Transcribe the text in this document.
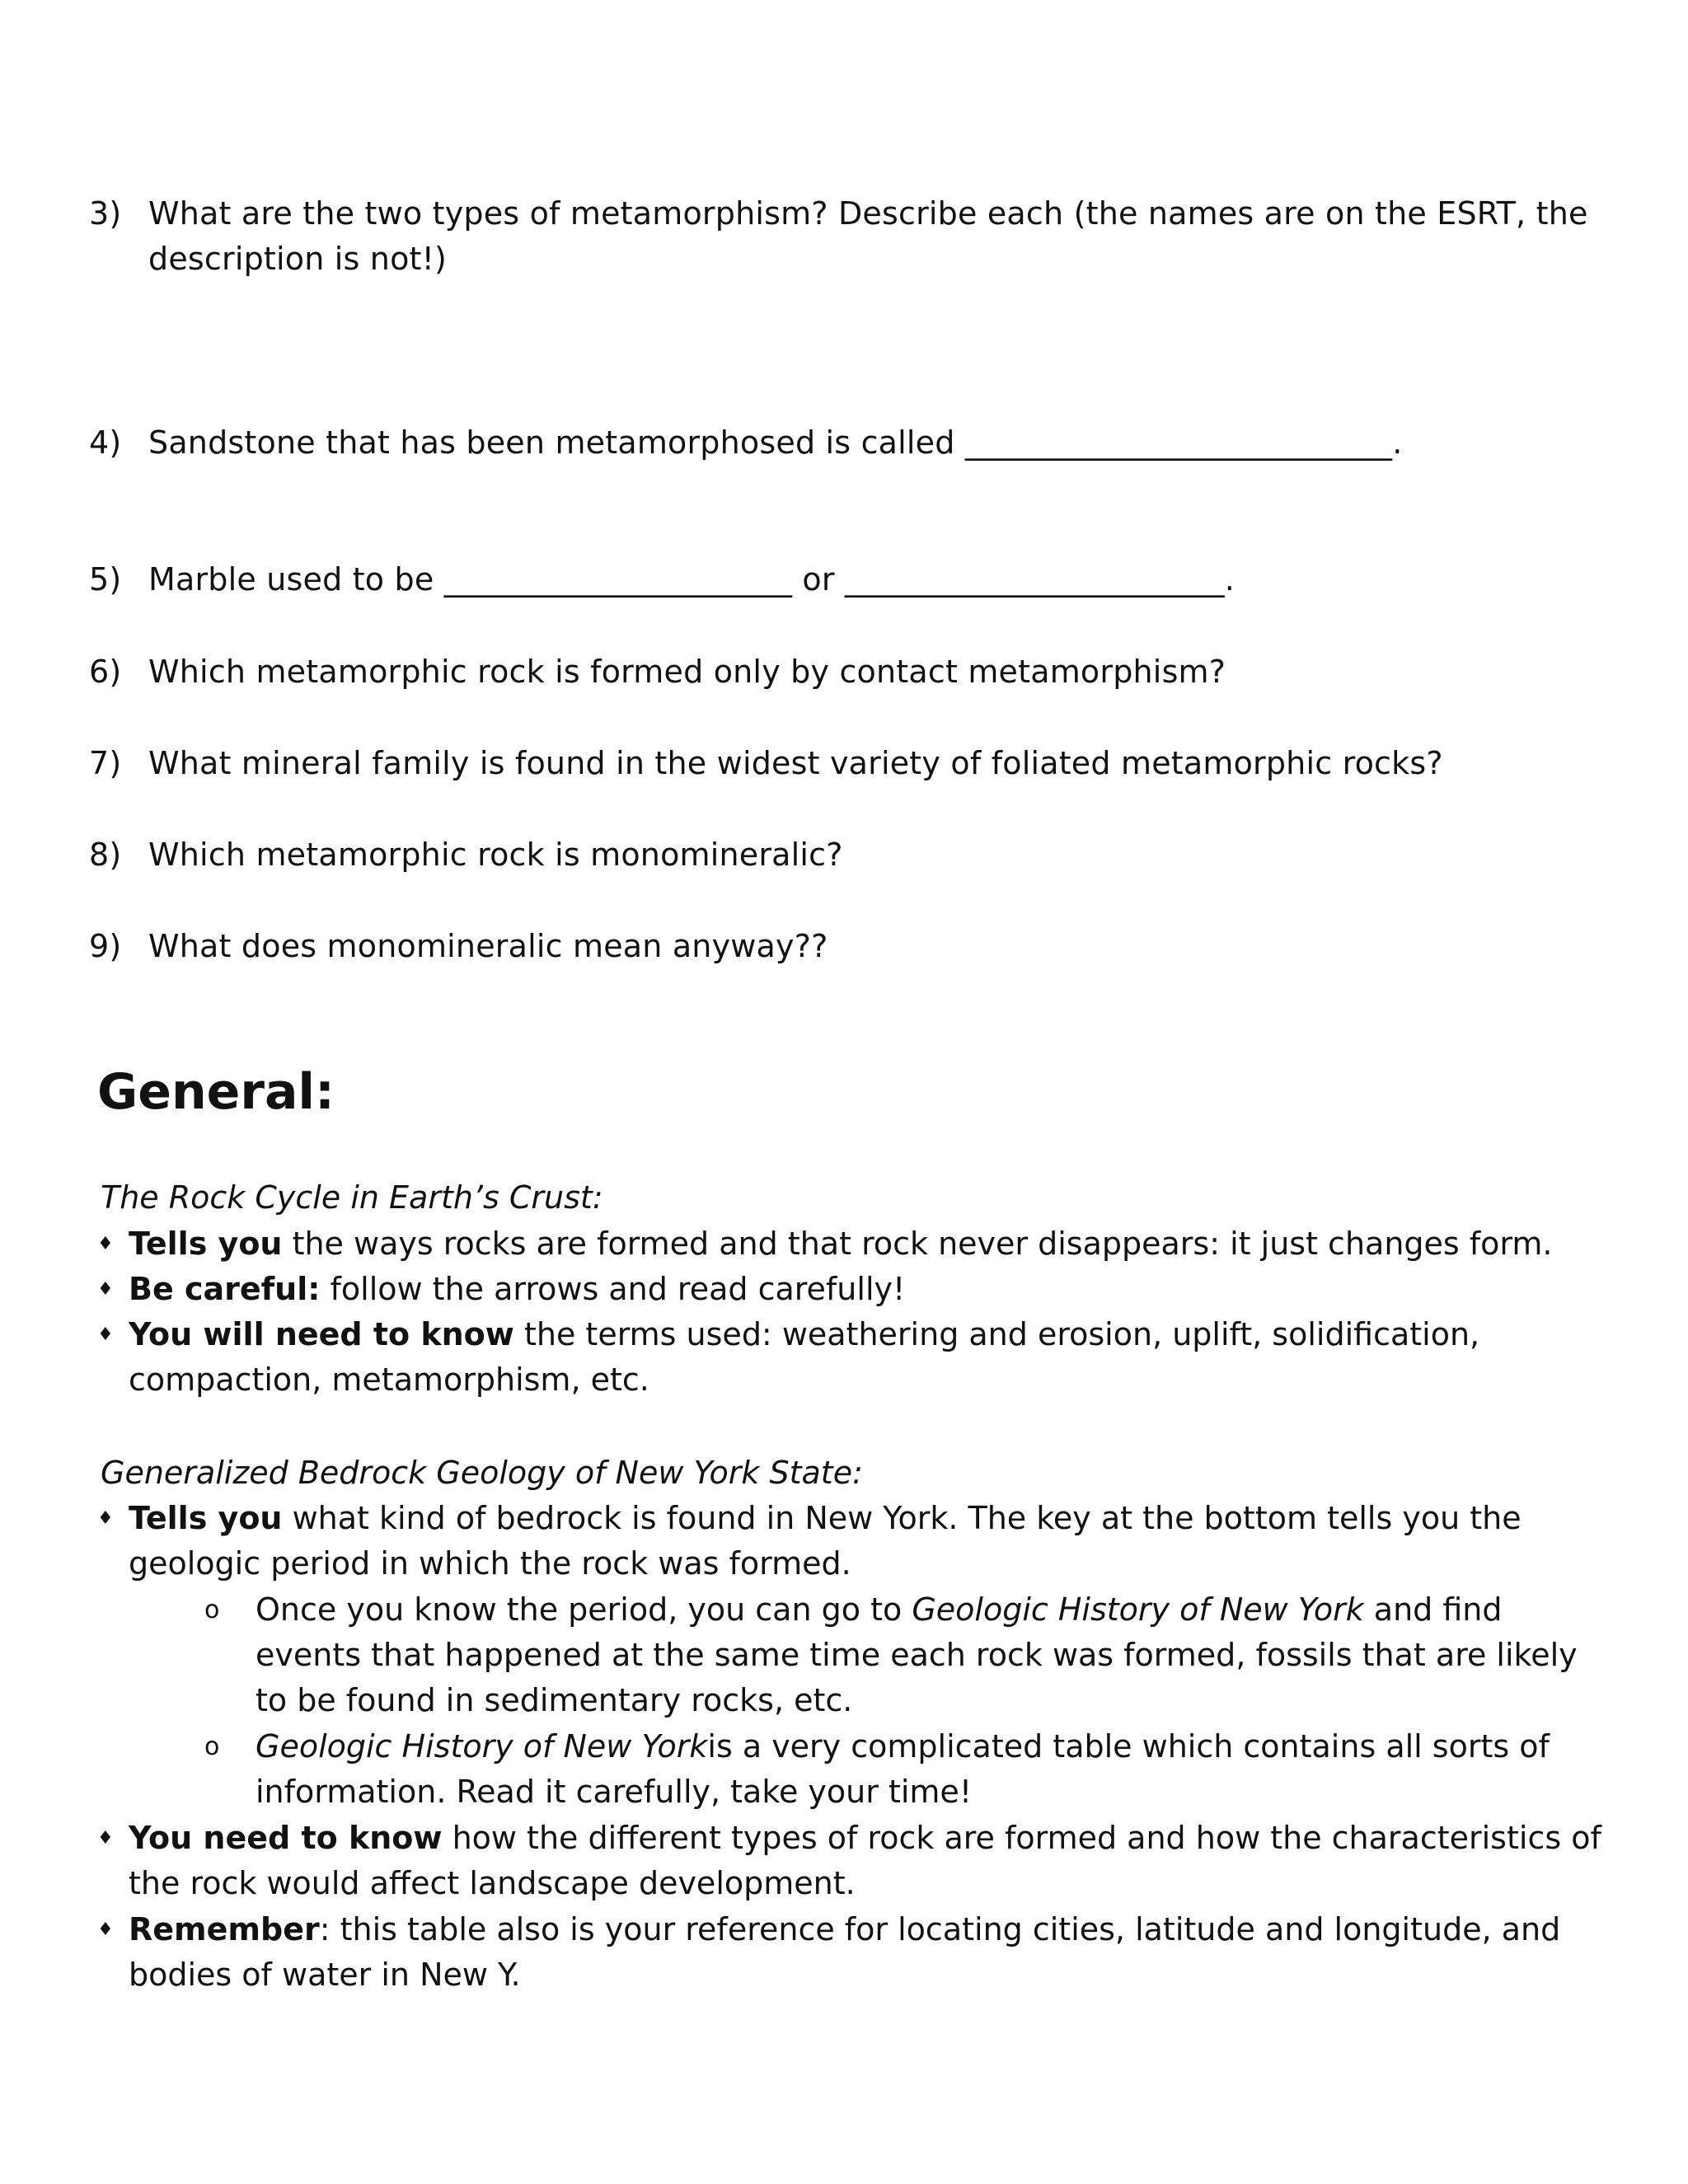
3) What are the two types of metamorphism? Describe each (the names are on the ESRT, the description is not!)
4) Sandstone that has been metamorphosed is called ___________________________.
5) Marble used to be ______________________ or ________________________.
6) Which metamorphic rock is formed only by contact metamorphism?
7) What mineral family is found in the widest variety of foliated metamorphic rocks?
8) Which metamorphic rock is monomineralic?
9) What does monomineralic mean anyway??
General:
The Rock Cycle in Earth’s Crust:
♦ Tells you the ways rocks are formed and that rock never disappears: it just changes form.
♦ Be careful: follow the arrows and read carefully!
♦ You will need to know the terms used: weathering and erosion, uplift, solidification, compaction, metamorphism, etc.
Generalized Bedrock Geology of New York State:
♦ Tells you what kind of bedrock is found in New York. The key at the bottom tells you the geologic period in which the rock was formed.
o Once you know the period, you can go to Geologic History of New York and find events that happened at the same time each rock was formed, fossils that are likely to be found in sedimentary rocks, etc.
o Geologic History of New Yorkis a very complicated table which contains all sorts of information. Read it carefully, take your time!
♦ You need to know how the different types of rock are formed and how the characteristics of the rock would affect landscape development.
♦ Remember: this table also is your reference for locating cities, latitude and longitude, and bodies of water in New Y.
